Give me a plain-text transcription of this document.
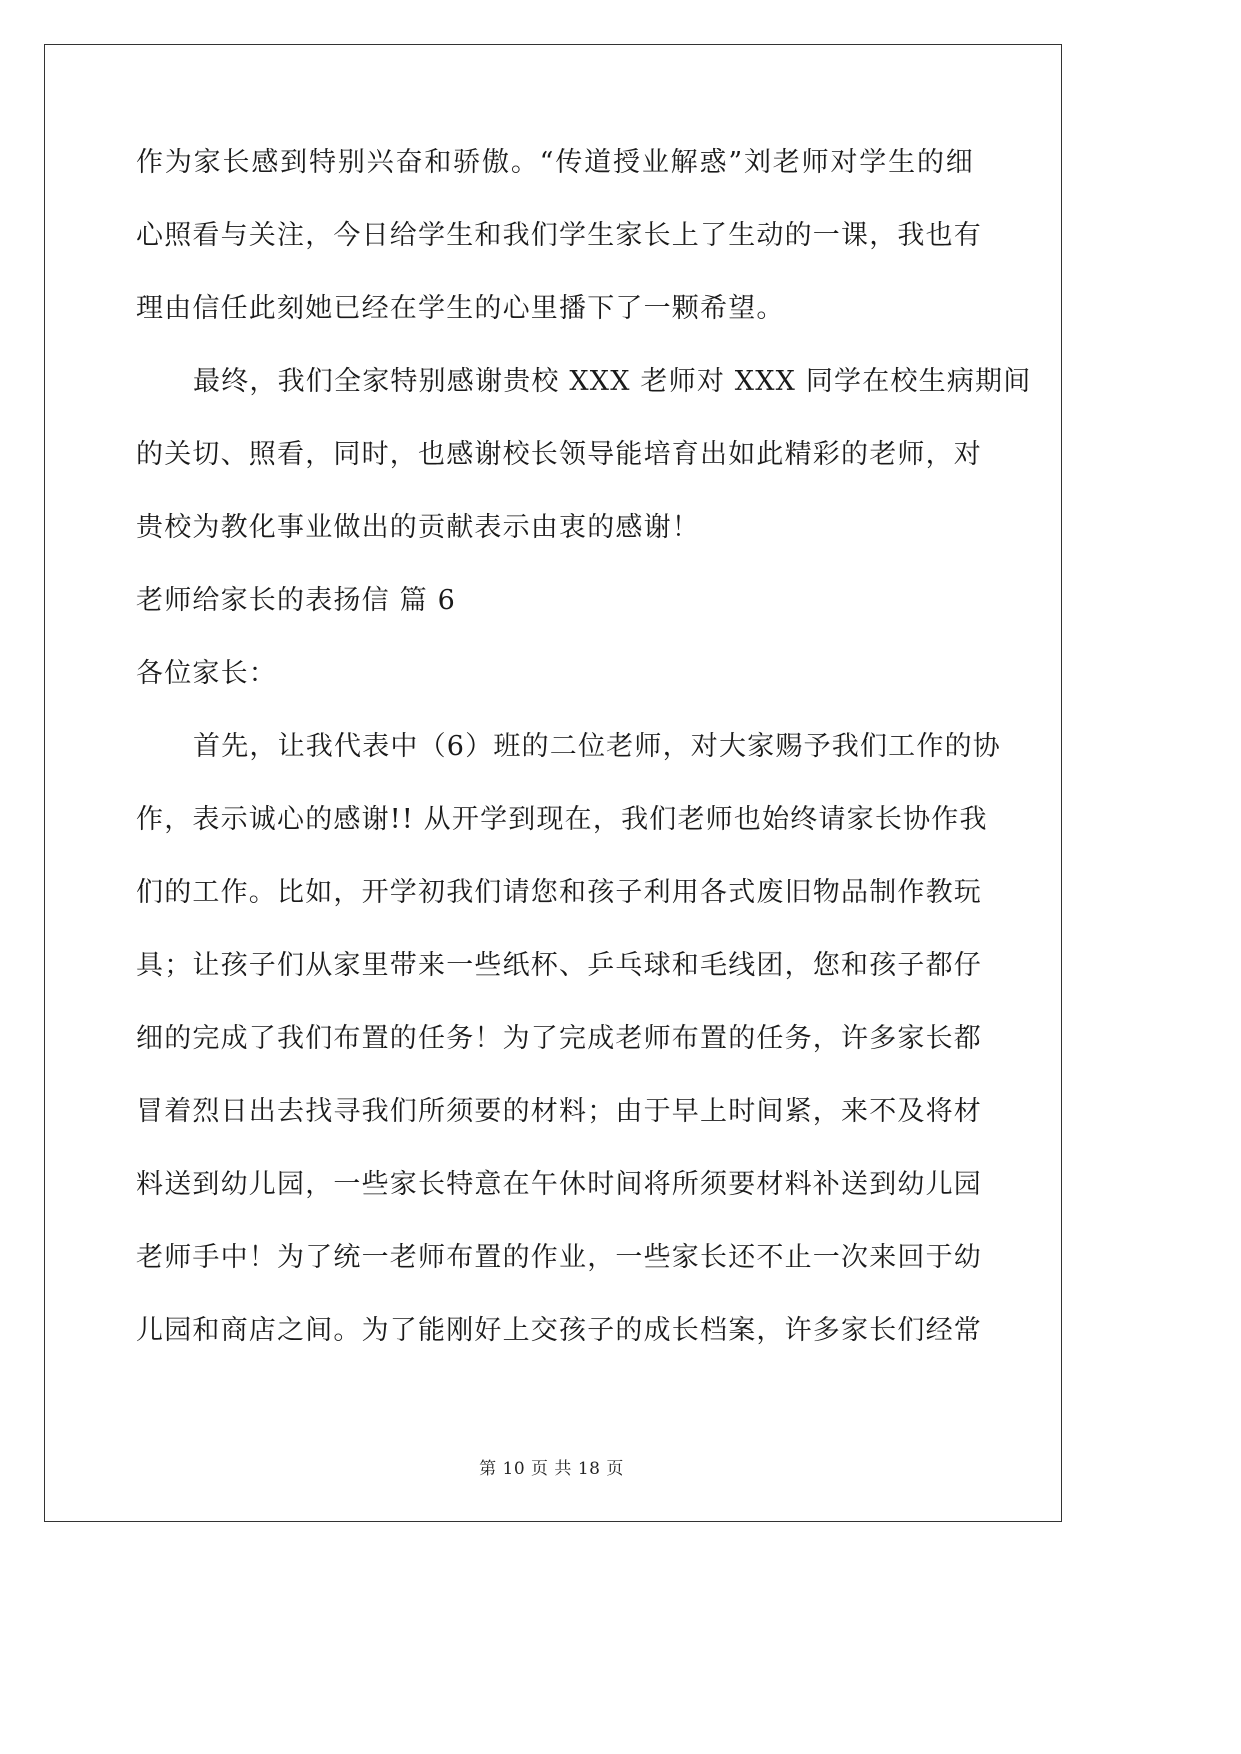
作为家长感到特别兴奋和骄傲。“传道授业解惑”刘老师对学生的细
心照看与关注，今日给学生和我们学生家长上了生动的一课，我也有
理由信任此刻她已经在学生的心里播下了一颗希望。
最终，我们全家特别感谢贵校 XXX 老师对 XXX 同学在校生病期间
的关切、照看，同时，也感谢校长领导能培育出如此精彩的老师，对
贵校为教化事业做出的贡献表示由衷的感谢！
老师给家长的表扬信 篇 6
各位家长：
首先，让我代表中（6）班的二位老师，对大家赐予我们工作的协
作，表示诚心的感谢!! 从开学到现在，我们老师也始终请家长协作我
们的工作。比如，开学初我们请您和孩子利用各式废旧物品制作教玩
具；让孩子们从家里带来一些纸杯、乒乓球和毛线团，您和孩子都仔
细的完成了我们布置的任务！为了完成老师布置的任务，许多家长都
冒着烈日出去找寻我们所须要的材料；由于早上时间紧，来不及将材
料送到幼儿园，一些家长特意在午休时间将所须要材料补送到幼儿园
老师手中！为了统一老师布置的作业，一些家长还不止一次来回于幼
儿园和商店之间。为了能刚好上交孩子的成长档案，许多家长们经常
第 10 页 共 18 页
